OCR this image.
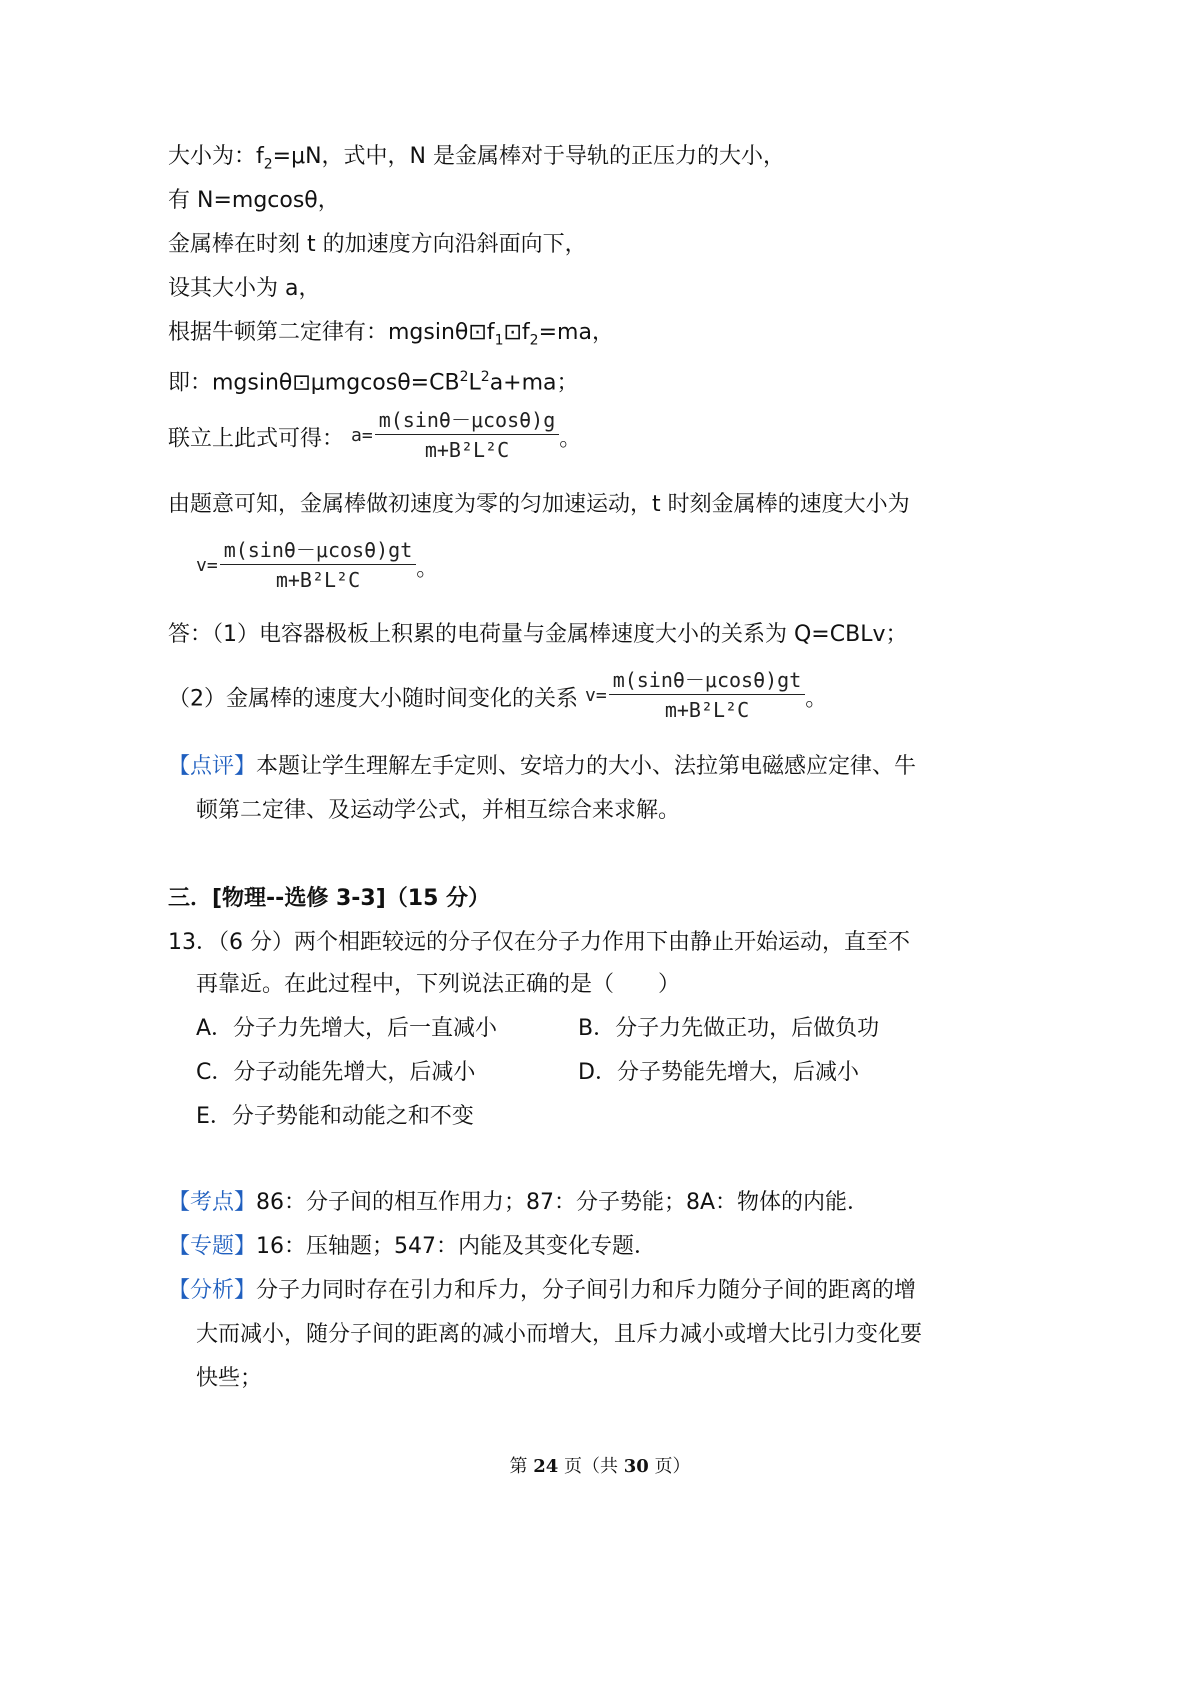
大小为：$f_2=\mu N$，式中，N 是金属棒对于导轨的正压力的大小，
有 N=mgcosθ，
金属棒在时刻 t 的加速度方向沿斜面向下，
设其大小为 a，
根据牛顿第二定律有：$mgsin\theta⊡f_1⊡f_2=ma$，
即：$mgsin\theta⊡\mu mgcos\theta=CB^2L^2a+ma$；
联立上此式可得： $a= \frac{m(\sin\theta-\mu\cos\theta)g}{\text{m+B²L²C}}$ 。
由题意可知，金属棒做初速度为零的匀加速运动，t 时刻金属棒的速度大小为
$v= \frac{m(\sin\theta-\mu\cos\theta)gt}{\text{m+B²L²C}}$ 。
答：（1）电容器极板上积累的电荷量与金属棒速度大小的关系为 Q=CBLv；
（2）金属棒的速度大小随时间变化的关系 $v= \frac{m(\sin\theta-\mu\cos\theta)gt}{\text{m+B²L²C}}$ 。
【点评】本题让学生理解左手定则、安培力的大小、法拉第电磁感应定律、牛
顿第二定律、及运动学公式，并相互综合来求解。
三．[物理--选修 3-3]（15 分）
13．（6 分）两个相距较远的分子仅在分子力作用下由静止开始运动，直至不
再靠近。在此过程中，下列说法正确的是（　　）
A．分子力先增大，后一直减小	B．分子力先做正功，后做负功
C．分子动能先增大，后减小	D．分子势能先增大，后减小
E．分子势能和动能之和不变
【考点】86：分子间的相互作用力；87：分子势能；8A：物体的内能．
【专题】16：压轴题；547：内能及其变化专题．
【分析】分子力同时存在引力和斥力，分子间引力和斥力随分子间的距离的增
大而减小，随分子间的距离的减小而增大，且斥力减小或增大比引力变化要
快些；
第 24 页（共 30 页）
